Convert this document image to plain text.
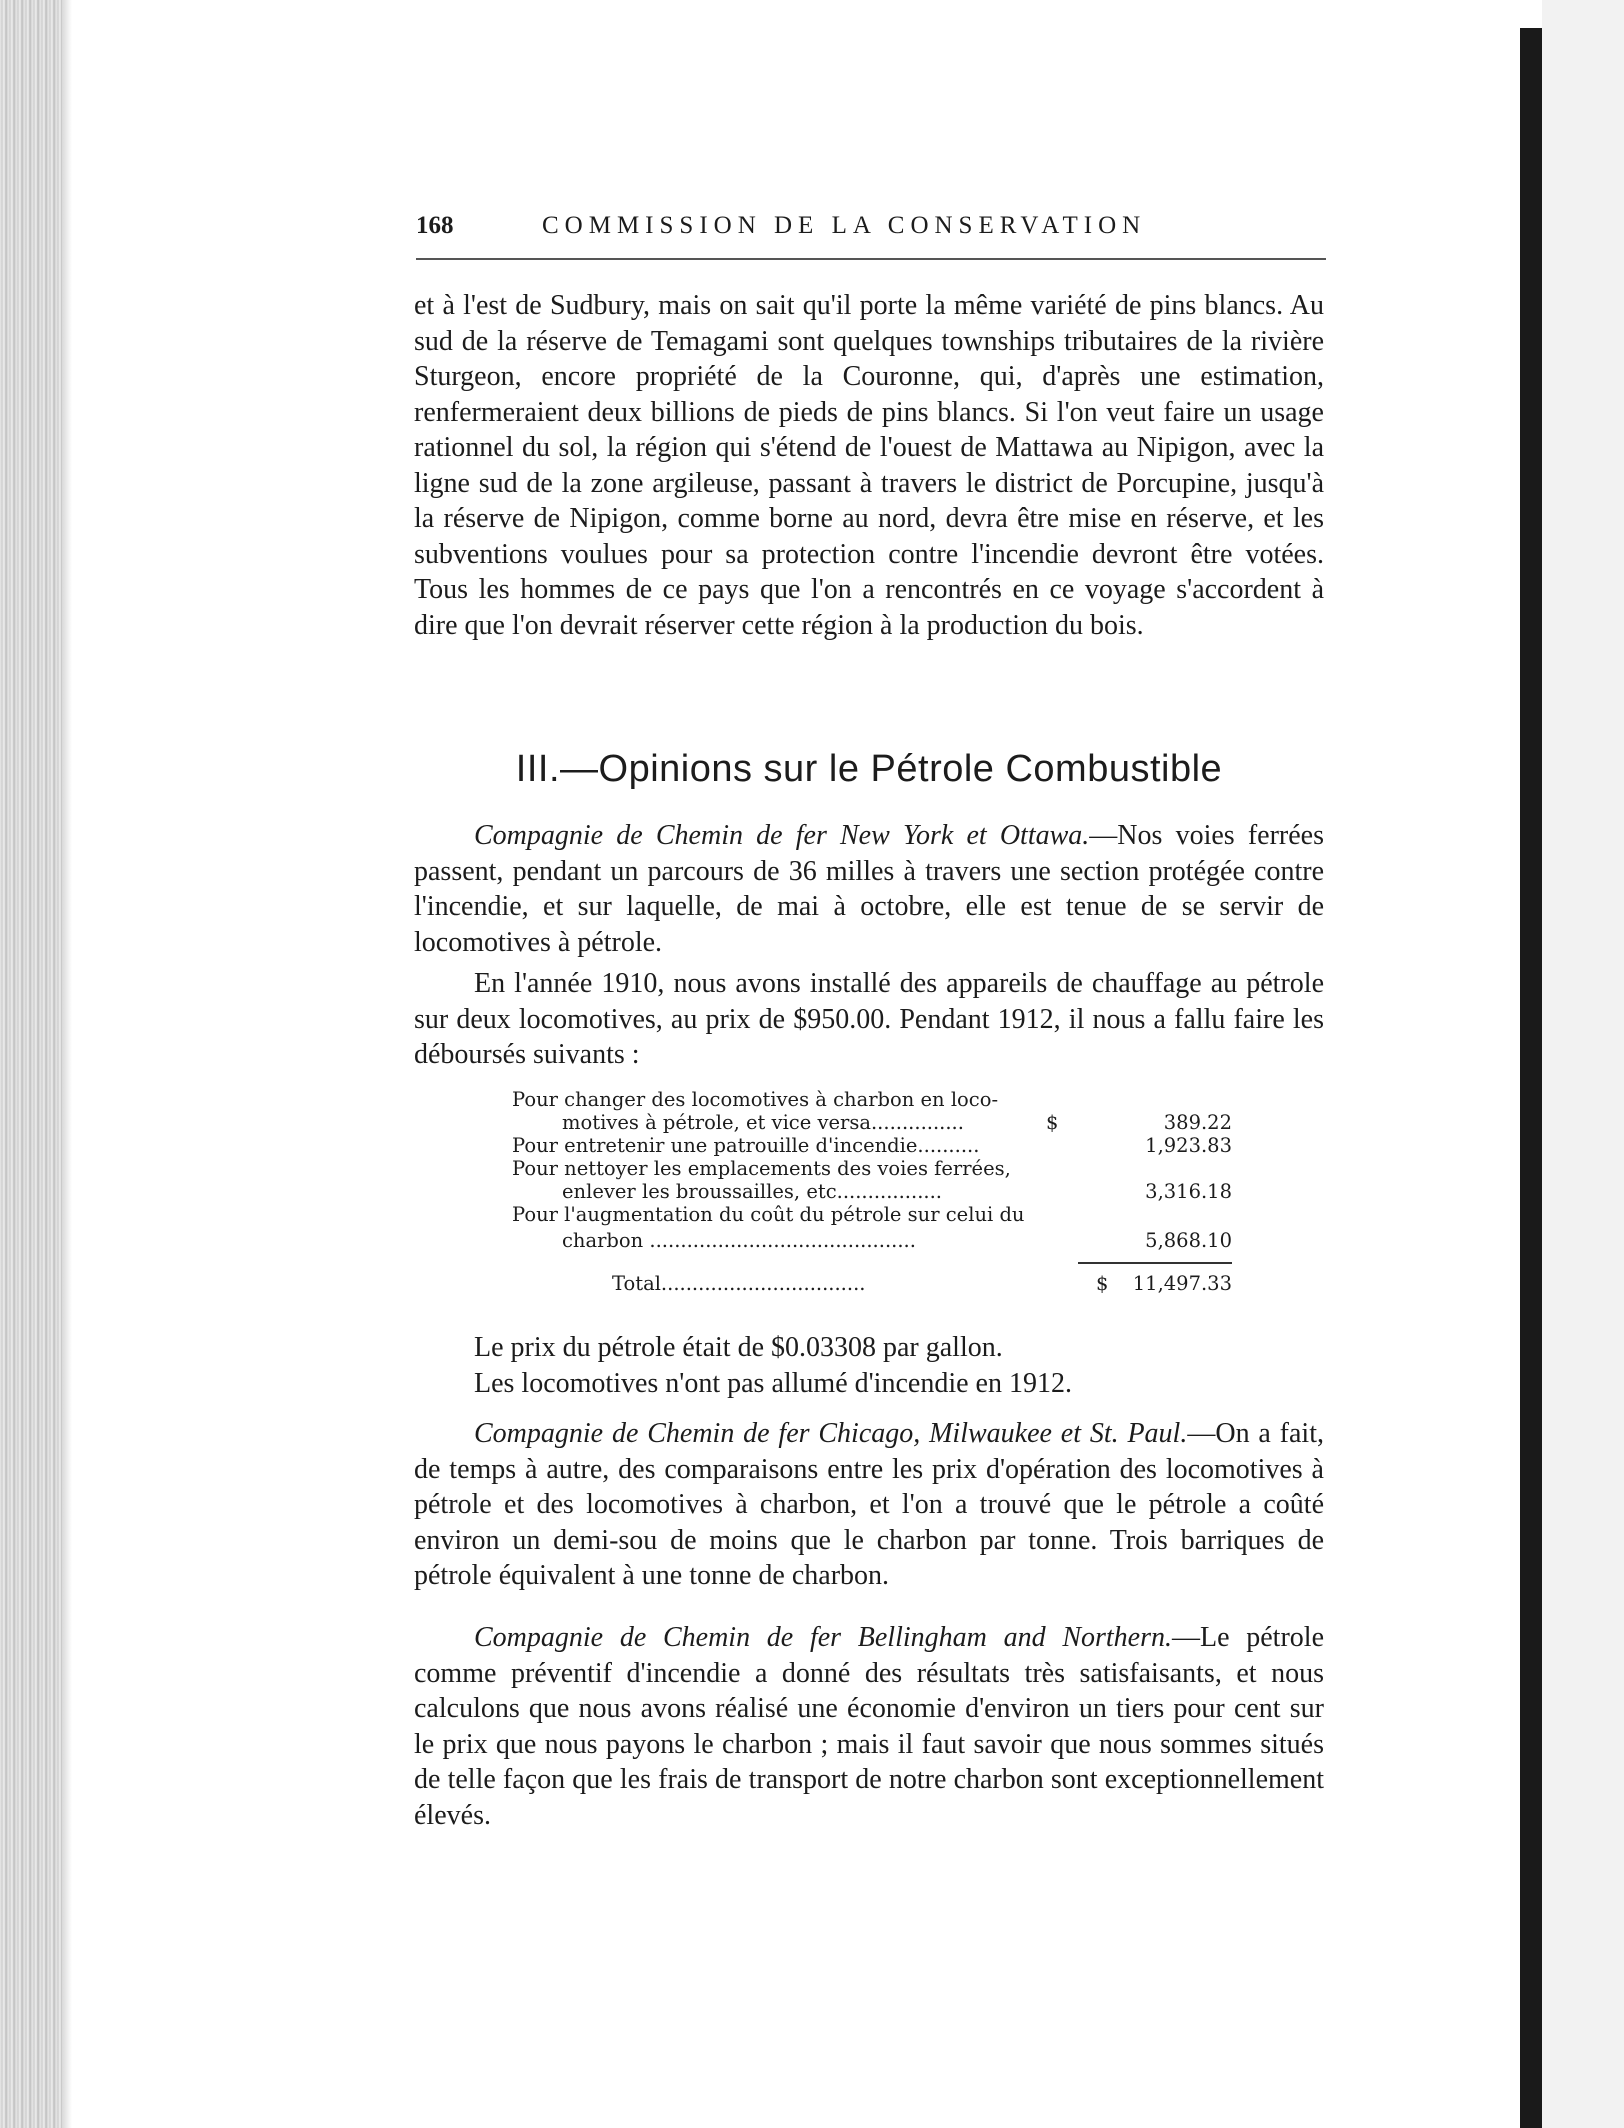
168	COMMISSION DE LA CONSERVATION

et à l'est de Sudbury, mais on sait qu'il porte la même variété de pins blancs. Au sud de la réserve de Temagami sont quelques townships tributaires de la rivière Sturgeon, encore propriété de la Couronne, qui, d'après une estimation, renfermeraient deux billions de pieds de pins blancs. Si l'on veut faire un usage rationnel du sol, la région qui s'étend de l'ouest de Mattawa au Nipigon, avec la ligne sud de la zone argileuse, passant à travers le district de Porcupine, jusqu'à la réserve de Nipigon, comme borne au nord, devra être mise en réserve, et les subventions voulues pour sa protection contre l'incendie devront être votées. Tous les hommes de ce pays que l'on a rencontrés en ce voyage s'accordent à dire que l'on devrait réserver cette région à la production du bois.

III.—Opinions sur le Pétrole Combustible

Compagnie de Chemin de fer New York et Ottawa.—Nos voies ferrées passent, pendant un parcours de 36 milles à travers une section protégée contre l'incendie, et sur laquelle, de mai à octobre, elle est tenue de se servir de locomotives à pétrole.

En l'année 1910, nous avons installé des appareils de chauffage au pétrole sur deux locomotives, au prix de $950.00. Pendant 1912, il nous a fallu faire les déboursés suivants :

Pour changer des locomotives à charbon en loco-
motives à pétrole, et vice versa...............	$	389.22
Pour entretenir une patrouille d'incendie..........	1,923.83
Pour nettoyer les emplacements des voies ferrées,
enlever les broussailles, etc.................	3,316.18
Pour l'augmentation du coût du pétrole sur celui du
charbon ...........................................	5,868.10
Total.................................	$ 11,497.33

Le prix du pétrole était de $0.03308 par gallon.

Les locomotives n'ont pas allumé d'incendie en 1912.

Compagnie de Chemin de fer Chicago, Milwaukee et St. Paul.—On a fait, de temps à autre, des comparaisons entre les prix d'opération des locomotives à pétrole et des locomotives à charbon, et l'on a trouvé que le pétrole a coûté environ un demi-sou de moins que le charbon par tonne. Trois barriques de pétrole équivalent à une tonne de charbon.

Compagnie de Chemin de fer Bellingham and Northern.—Le pétrole comme préventif d'incendie a donné des résultats très satisfaisants, et nous calculons que nous avons réalisé une économie d'environ un tiers pour cent sur le prix que nous payons le charbon ; mais il faut savoir que nous sommes situés de telle façon que les frais de transport de notre charbon sont exceptionnellement élevés.
